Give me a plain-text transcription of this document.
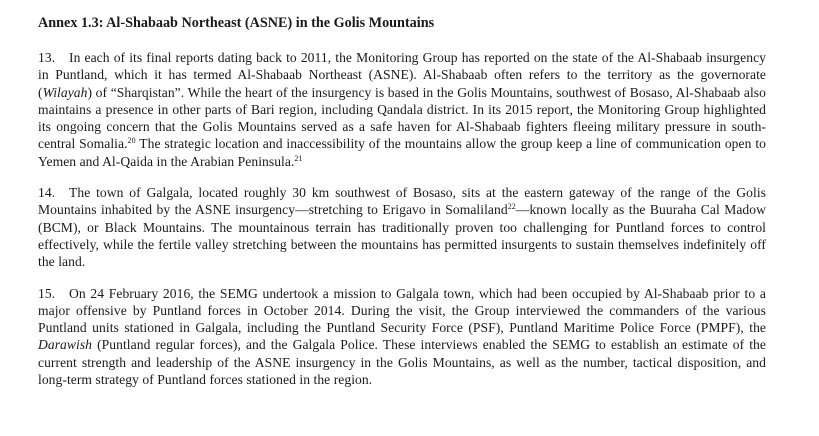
Annex 1.3: Al-Shabaab Northeast (ASNE) in the Golis Mountains

13. In each of its final reports dating back to 2011, the Monitoring Group has reported on the state of the Al-Shabaab insurgency in Puntland, which it has termed Al-Shabaab Northeast (ASNE). Al-Shabaab often refers to the territory as the governorate (Wilayah) of “Sharqistan”. While the heart of the insurgency is based in the Golis Mountains, southwest of Bosaso, Al-Shabaab also maintains a presence in other parts of Bari region, including Qandala district. In its 2015 report, the Monitoring Group highlighted its ongoing concern that the Golis Mountains served as a safe haven for Al-Shabaab fighters fleeing military pressure in south-central Somalia.$^{20}$ The strategic location and inaccessibility of the mountains allow the group keep a line of communication open to Yemen and Al-Qaida in the Arabian Peninsula.$^{21}$

14. The town of Galgala, located roughly 30 km southwest of Bosaso, sits at the eastern gateway of the range of the Golis Mountains inhabited by the ASNE insurgency—stretching to Erigavo in Somaliland$^{22}$—known locally as the Buuraha Cal Madow (BCM), or Black Mountains. The mountainous terrain has traditionally proven too challenging for Puntland forces to control effectively, while the fertile valley stretching between the mountains has permitted insurgents to sustain themselves indefinitely off the land.

15. On 24 February 2016, the SEMG undertook a mission to Galgala town, which had been occupied by Al-Shabaab prior to a major offensive by Puntland forces in October 2014. During the visit, the Group interviewed the commanders of the various Puntland units stationed in Galgala, including the Puntland Security Force (PSF), Puntland Maritime Police Force (PMPF), the Darawish (Puntland regular forces), and the Galgala Police. These interviews enabled the SEMG to establish an estimate of the current strength and leadership of the ASNE insurgency in the Golis Mountains, as well as the number, tactical disposition, and long-term strategy of Puntland forces stationed in the region.
